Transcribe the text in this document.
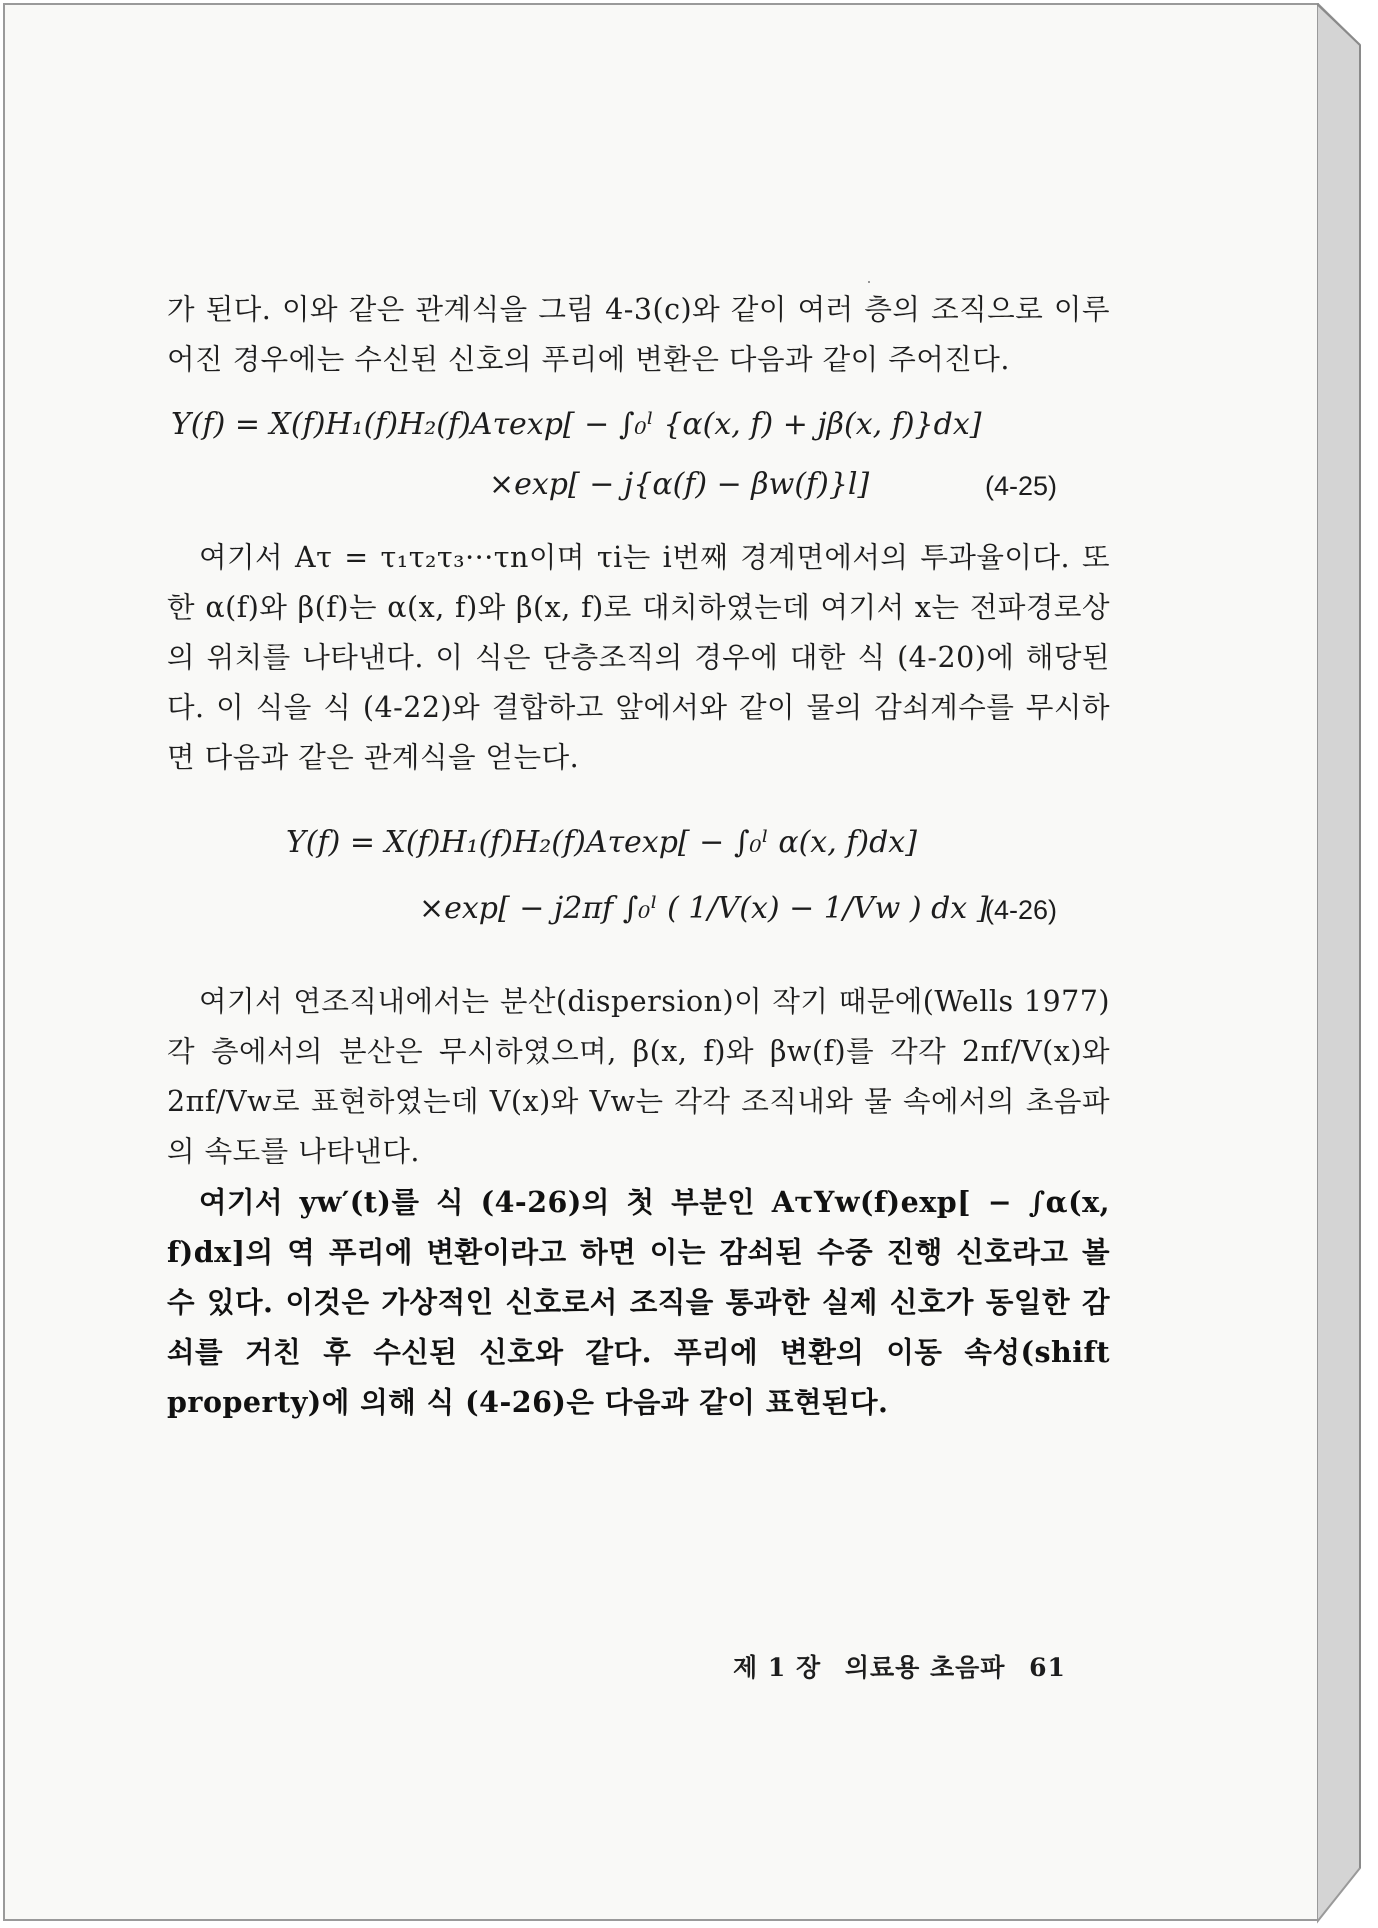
가 된다. 이와 같은 관계식을 그림 4-3(c)와 같이 여러 층의 조직으로 이루어진 경우에는 수신된 신호의 푸리에 변환은 다음과 같이 주어진다.

Y(f) = X(f)H₁(f)H₂(f)Aτexp[ − ∫₀ˡ {α(x, f) + jβ(x, f)}dx]
×exp[ − j{α(f) − βw(f)}l]	(4-25)

여기서 Aτ = τ₁τ₂τ₃···τn이며 τi는 i번째 경계면에서의 투과율이다. 또한 α(f)와 β(f)는 α(x, f)와 β(x, f)로 대치하였는데 여기서 x는 전파경로상의 위치를 나타낸다. 이 식은 단층조직의 경우에 대한 식 (4-20)에 해당된다. 이 식을 식 (4-22)와 결합하고 앞에서와 같이 물의 감쇠계수를 무시하면 다음과 같은 관계식을 얻는다.

Y(f) = X(f)H₁(f)H₂(f)Aτexp[ − ∫₀ˡ α(x, f)dx]
×exp[ − j2πf ∫₀ˡ ( 1/V(x) − 1/Vw ) dx ]
(4-26)

여기서 연조직내에서는 분산(dispersion)이 작기 때문에(Wells 1977) 각 층에서의 분산은 무시하였으며, β(x, f)와 βw(f)를 각각 2πf/V(x)와 2πf/Vw로 표현하였는데 V(x)와 Vw는 각각 조직내와 물 속에서의 초음파의 속도를 나타낸다.

여기서 yw′(t)를 식 (4-26)의 첫 부분인 AτYw(f)exp[ − ∫α(x, f)dx]의 역 푸리에 변환이라고 하면 이는 감쇠된 수중 진행 신호라고 볼 수 있다. 이것은 가상적인 신호로서 조직을 통과한 실제 신호가 동일한 감쇠를 거친 후 수신된 신호와 같다. 푸리에 변환의 이동 속성(shift property)에 의해 식 (4-26)은 다음과 같이 표현된다.

제 1 장 의료용 초음파 61
